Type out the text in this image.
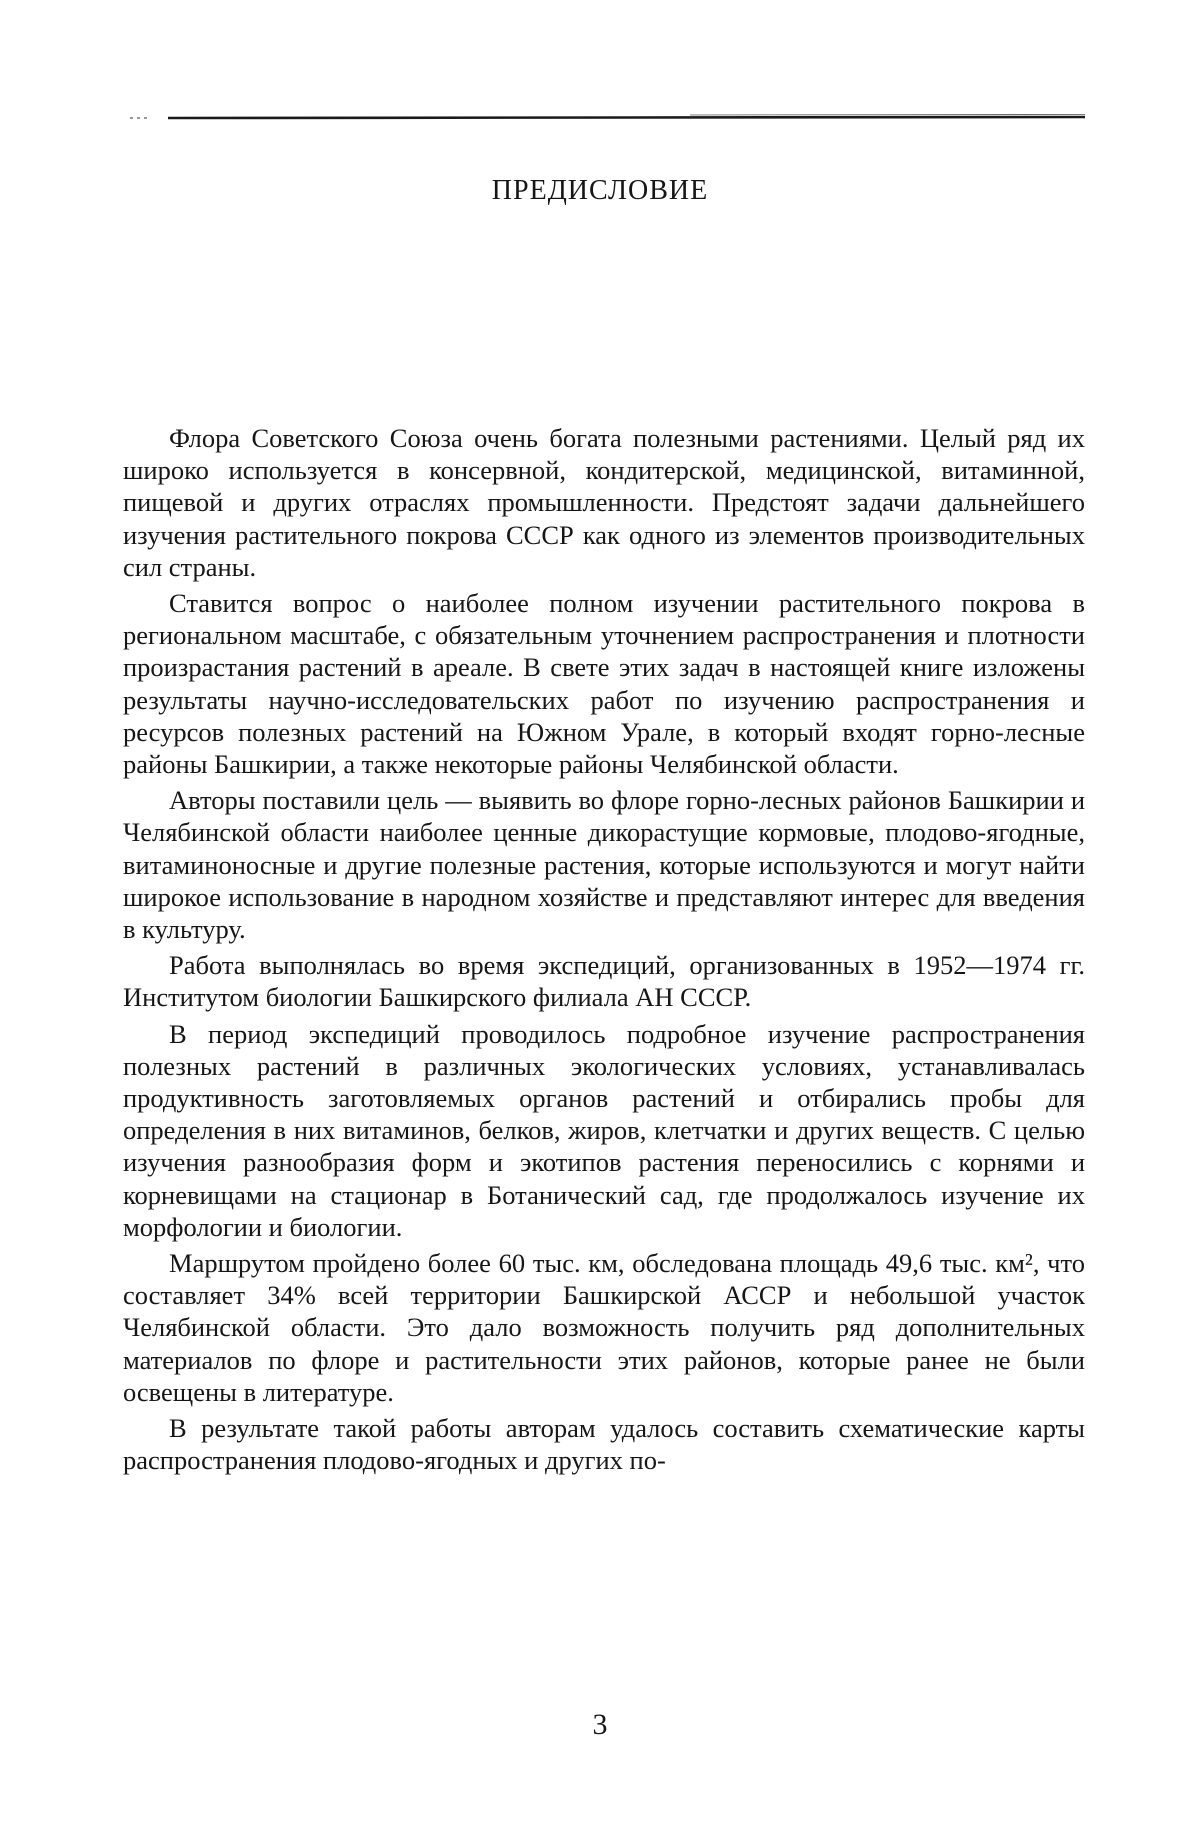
ПРЕДИСЛОВИЕ

Флора Советского Союза очень богата полезными растениями. Целый ряд их широко используется в консервной, кондитерской, медицинской, витаминной, пищевой и других отраслях промышленности. Предстоят задачи дальнейшего изучения растительного покрова СССР как одного из элементов производительных сил страны.

Ставится вопрос о наиболее полном изучении растительного покрова в региональном масштабе, с обязательным уточнением распространения и плотности произрастания растений в ареале. В свете этих задач в настоящей книге изложены результаты научно-исследовательских работ по изучению распространения и ресурсов полезных растений на Южном Урале, в который входят горно-лесные районы Башкирии, а также некоторые районы Челябинской области.

Авторы поставили цель — выявить во флоре горно-лесных районов Башкирии и Челябинской области наиболее ценные дикорастущие кормовые, плодово-ягодные, витаминоносные и другие полезные растения, которые используются и могут найти широкое использование в народном хозяйстве и представляют интерес для введения в культуру.

Работа выполнялась во время экспедиций, организованных в 1952—1974 гг. Институтом биологии Башкирского филиала АН СССР.

В период экспедиций проводилось подробное изучение распространения полезных растений в различных экологических условиях, устанавливалась продуктивность заготовляемых органов растений и отбирались пробы для определения в них витаминов, белков, жиров, клетчатки и других веществ. С целью изучения разнообразия форм и экотипов растения переносились с корнями и корневищами на стационар в Ботанический сад, где продолжалось изучение их морфологии и биологии.

Маршрутом пройдено более 60 тыс. км, обследована площадь 49,6 тыс. км², что составляет 34% всей территории Башкирской АССР и небольшой участок Челябинской области. Это дало возможность получить ряд дополнительных материалов по флоре и растительности этих районов, которые ранее не были освещены в литературе.

В результате такой работы авторам удалось составить схематические карты распространения плодово-ягодных и других по-

3
